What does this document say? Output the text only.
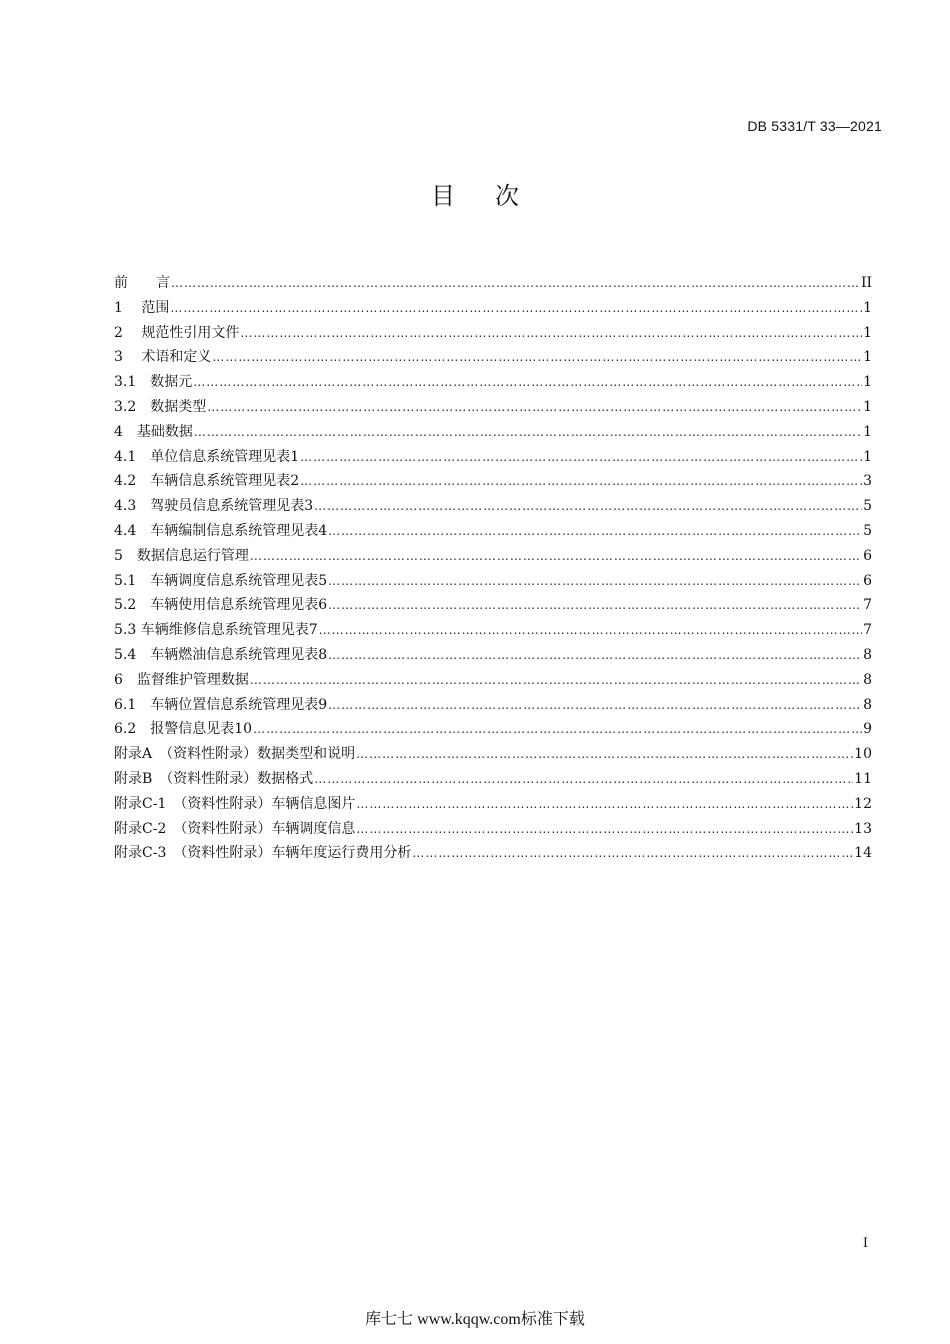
DB 5331/T 33—2021
目 次
前　　言 …………………………………………………………………………………………………………………………………………………………………………………………………………………………………………	II
1　 范围 …………………………………………………………………………………………………………………………………………………………………………………………………………………………………………	1
2　 规范性引用文件 …………………………………………………………………………………………………………………………………………………………………………………………………………………………………………	1
3　 术语和定义 …………………………………………………………………………………………………………………………………………………………………………………………………………………………………………	1
3.1　数据元 …………………………………………………………………………………………………………………………………………………………………………………………………………………………………………	1
3.2　数据类型 …………………………………………………………………………………………………………………………………………………………………………………………………………………………………………	1
4　基础数据 …………………………………………………………………………………………………………………………………………………………………………………………………………………………………………	1
4.1　单位信息系统管理见表1 …………………………………………………………………………………………………………………………………………………………………………………………………………………………………………	1
4.2　车辆信息系统管理见表2 …………………………………………………………………………………………………………………………………………………………………………………………………………………………………………	3
4.3　驾驶员信息系统管理见表3 …………………………………………………………………………………………………………………………………………………………………………………………………………………………………………	5
4.4　车辆编制信息系统管理见表4 …………………………………………………………………………………………………………………………………………………………………………………………………………………………………………	5
5　数据信息运行管理 …………………………………………………………………………………………………………………………………………………………………………………………………………………………………………	6
5.1　车辆调度信息系统管理见表5 …………………………………………………………………………………………………………………………………………………………………………………………………………………………………………	6
5.2　车辆使用信息系统管理见表6 …………………………………………………………………………………………………………………………………………………………………………………………………………………………………………	7
5.3 车辆维修信息系统管理见表7 …………………………………………………………………………………………………………………………………………………………………………………………………………………………………………	7
5.4　车辆燃油信息系统管理见表8 …………………………………………………………………………………………………………………………………………………………………………………………………………………………………………	8
6　监督维护管理数据 …………………………………………………………………………………………………………………………………………………………………………………………………………………………………………	8
6.1　车辆位置信息系统管理见表9 …………………………………………………………………………………………………………………………………………………………………………………………………………………………………………	8
6.2　报警信息见表10 …………………………………………………………………………………………………………………………………………………………………………………………………………………………………………	9
附录A　（资料性附录）数据类型和说明 …………………………………………………………………………………………………………………………………………………………………………………………………………………………………………	10
附录B　（资料性附录）数据格式 …………………………………………………………………………………………………………………………………………………………………………………………………………………………………………	11
附录C-1　（资料性附录）车辆信息图片 …………………………………………………………………………………………………………………………………………………………………………………………………………………………………………	12
附录C-2　（资料性附录）车辆调度信息 …………………………………………………………………………………………………………………………………………………………………………………………………………………………………………	13
附录C-3　（资料性附录）车辆年度运行费用分析 …………………………………………………………………………………………………………………………………………………………………………………………………………………………………………	14
I
库七七 www.kqqw.com标准下载
